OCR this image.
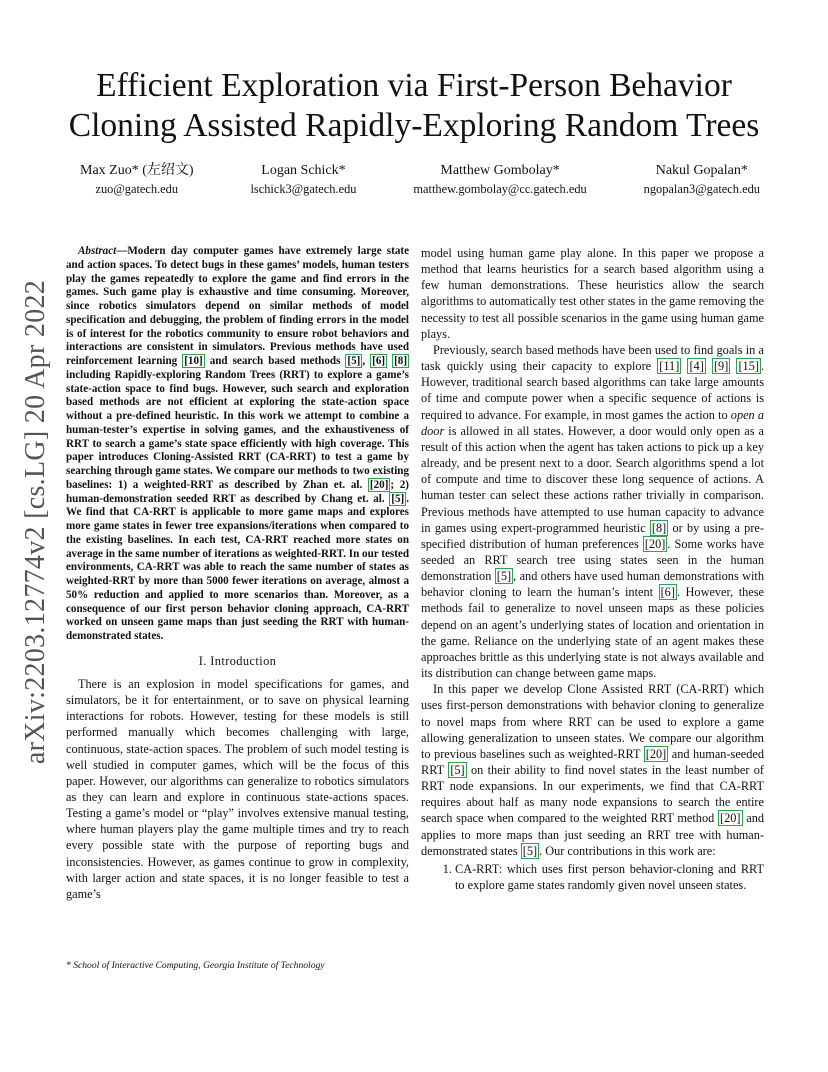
arXiv:2203.12774v2 [cs.LG] 20 Apr 2022
Efficient Exploration via First-Person Behavior
Cloning Assisted Rapidly-Exploring Random Trees
Max Zuo* (左绍文)
zuo@gatech.edu
Logan Schick*
lschick3@gatech.edu
Matthew Gombolay*
matthew.gombolay@cc.gatech.edu
Nakul Gopalan*
ngopalan3@gatech.edu

Abstract—Modern day computer games have extremely large state and action spaces. To detect bugs in these games’ models, human testers play the games repeatedly to explore the game and find errors in the games. Such game play is exhaustive and time consuming. Moreover, since robotics simulators depend on similar methods of model specification and debugging, the problem of finding errors in the model is of interest for the robotics community to ensure robot behaviors and interactions are consistent in simulators. Previous methods have used reinforcement learning [10] and search based methods [5] , [6] [8] including Rapidly-exploring Random Trees (RRT) to explore a game’s state-action space to find bugs. However, such search and exploration based methods are not efficient at exploring the state-action space without a pre-defined heuristic. In this work we attempt to combine a human-tester’s expertise in solving games, and the exhaustiveness of RRT to search a game’s state space efficiently with high coverage. This paper introduces Cloning-Assisted RRT (CA-RRT) to test a game by searching through game states. We compare our methods to two existing baselines: 1) a weighted-RRT as described by Zhan et. al. [20] ; 2) human-demonstration seeded RRT as described by Chang et. al. [5] . We find that CA-RRT is applicable to more game maps and explores more game states in fewer tree expansions/iterations when compared to the existing baselines. In each test, CA-RRT reached more states on average in the same number of iterations as weighted-RRT. In our tested environments, CA-RRT was able to reach the same number of states as weighted-RRT by more than 5000 fewer iterations on average, almost a 50% reduction and applied to more scenarios than. Moreover, as a consequence of our first person behavior cloning approach, CA-RRT worked on unseen game maps than just seeding the RRT with human-demonstrated states.

I. Introduction

There is an explosion in model specifications for games, and simulators, be it for entertainment, or to save on physical learning interactions for robots. However, testing for these models is still performed manually which becomes challenging with large, continuous, state-action spaces. The problem of such model testing is well studied in computer games, which will be the focus of this paper. However, our algorithms can generalize to robotics simulators as they can learn and explore in continuous state-actions spaces. Testing a game’s model or “play” involves extensive manual testing, where human players play the game multiple times and try to reach every possible state with the purpose of reporting bugs and inconsistencies. However, as games continue to grow in complexity, with larger action and state spaces, it is no longer feasible to test a game’s

* School of Interactive Computing, Georgia Institute of Technology

model using human game play alone. In this paper we propose a method that learns heuristics for a search based algorithm using a few human demonstrations. These heuristics allow the search algorithms to automatically test other states in the game removing the necessity to test all possible scenarios in the game using human game plays.

Previously, search based methods have been used to find goals in a task quickly using their capacity to explore [11] [4] [9] [15] . However, traditional search based algorithms can take large amounts of time and compute power when a specific sequence of actions is required to advance. For example, in most games the action to open a door is allowed in all states. However, a door would only open as a result of this action when the agent has taken actions to pick up a key already, and be present next to a door. Search algorithms spend a lot of compute and time to discover these long sequence of actions. A human tester can select these actions rather trivially in comparison. Previous methods have attempted to use human capacity to advance in games using expert-programmed heuristic [8] or by using a pre-specified distribution of human preferences [20] . Some works have seeded an RRT search tree using states seen in the human demonstration [5] , and others have used human demonstrations with behavior cloning to learn the human’s intent [6] . However, these methods fail to generalize to novel unseen maps as these policies depend on an agent’s underlying states of location and orientation in the game. Reliance on the underlying state of an agent makes these approaches brittle as this underlying state is not always available and its distribution can change between game maps.

In this paper we develop Clone Assisted RRT (CA-RRT) which uses first-person demonstrations with behavior cloning to generalize to novel maps from where RRT can be used to explore a game allowing generalization to unseen states. We compare our algorithm to previous baselines such as weighted-RRT [20] and human-seeded RRT [5] on their ability to find novel states in the least number of RRT node expansions. In our experiments, we find that CA-RRT requires about half as many node expansions to search the entire search space when compared to the weighted RRT method [20] and applies to more maps than just seeding an RRT tree with human-demonstrated states [5] . Our contributions in this work are:

1. CA-RRT: which uses first person behavior-cloning and RRT to explore game states randomly given novel unseen states.
